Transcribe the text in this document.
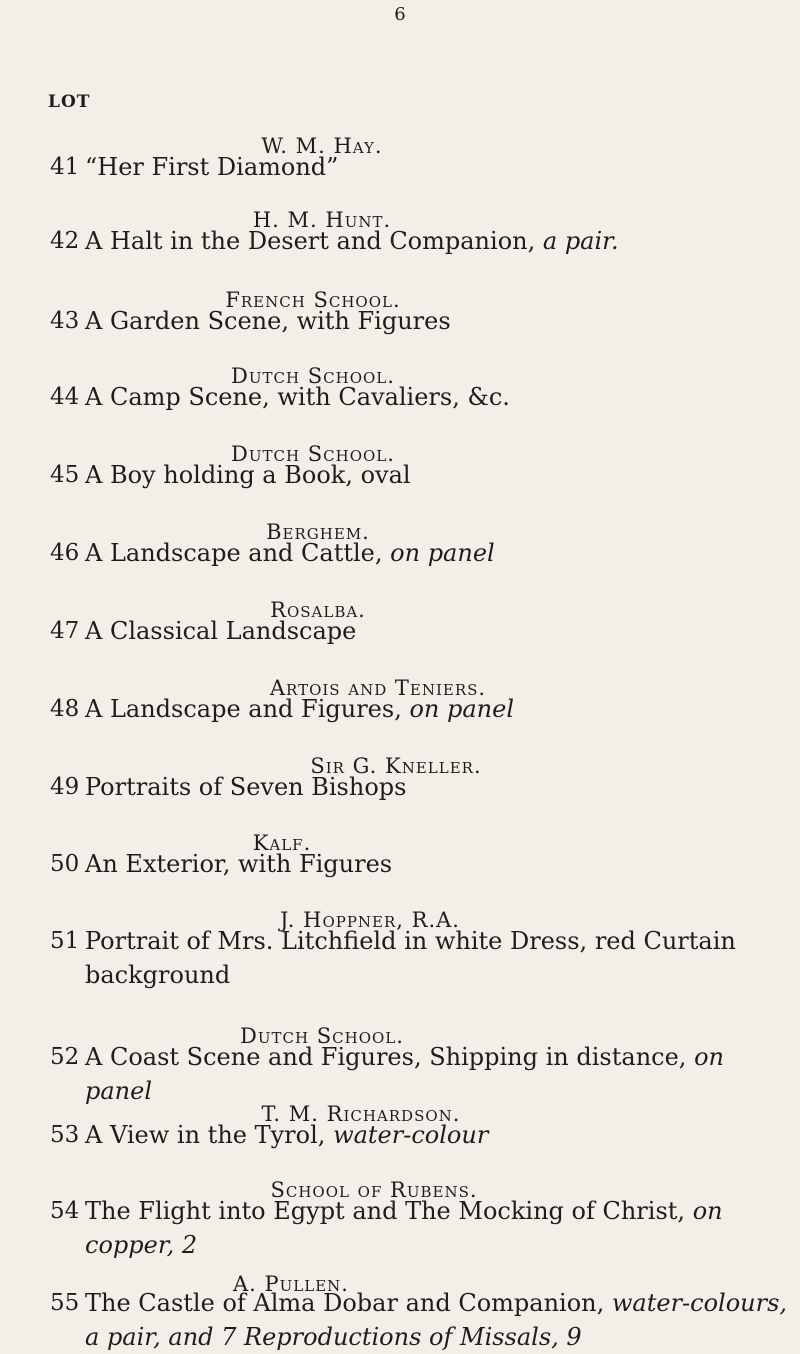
6
LOT
W. M. Hay.
41 “Her First Diamond”
H. M. Hunt.
42 A Halt in the Desert and Companion, a pair.
French School.
43 A Garden Scene, with Figures
Dutch School.
44 A Camp Scene, with Cavaliers, &c.
Dutch School.
45 A Boy holding a Book, oval
Berghem.
46 A Landscape and Cattle, on panel
Rosalba.
47 A Classical Landscape
Artois and Teniers.
48 A Landscape and Figures, on panel
Sir G. Kneller.
49 Portraits of Seven Bishops
Kalf.
50 An Exterior, with Figures
J. Hoppner, R.A.
51 Portrait of Mrs. Litchfield in white Dress, red Curtain background
Dutch School.
52 A Coast Scene and Figures, Shipping in distance, on panel
T. M. Richardson.
53 A View in the Tyrol, water-colour
School of Rubens.
54 The Flight into Egypt and The Mocking of Christ, on copper, 2
A. Pullen.
55 The Castle of Alma Dobar and Companion, water-colours, a pair, and 7 Reproductions of Missals, 9
